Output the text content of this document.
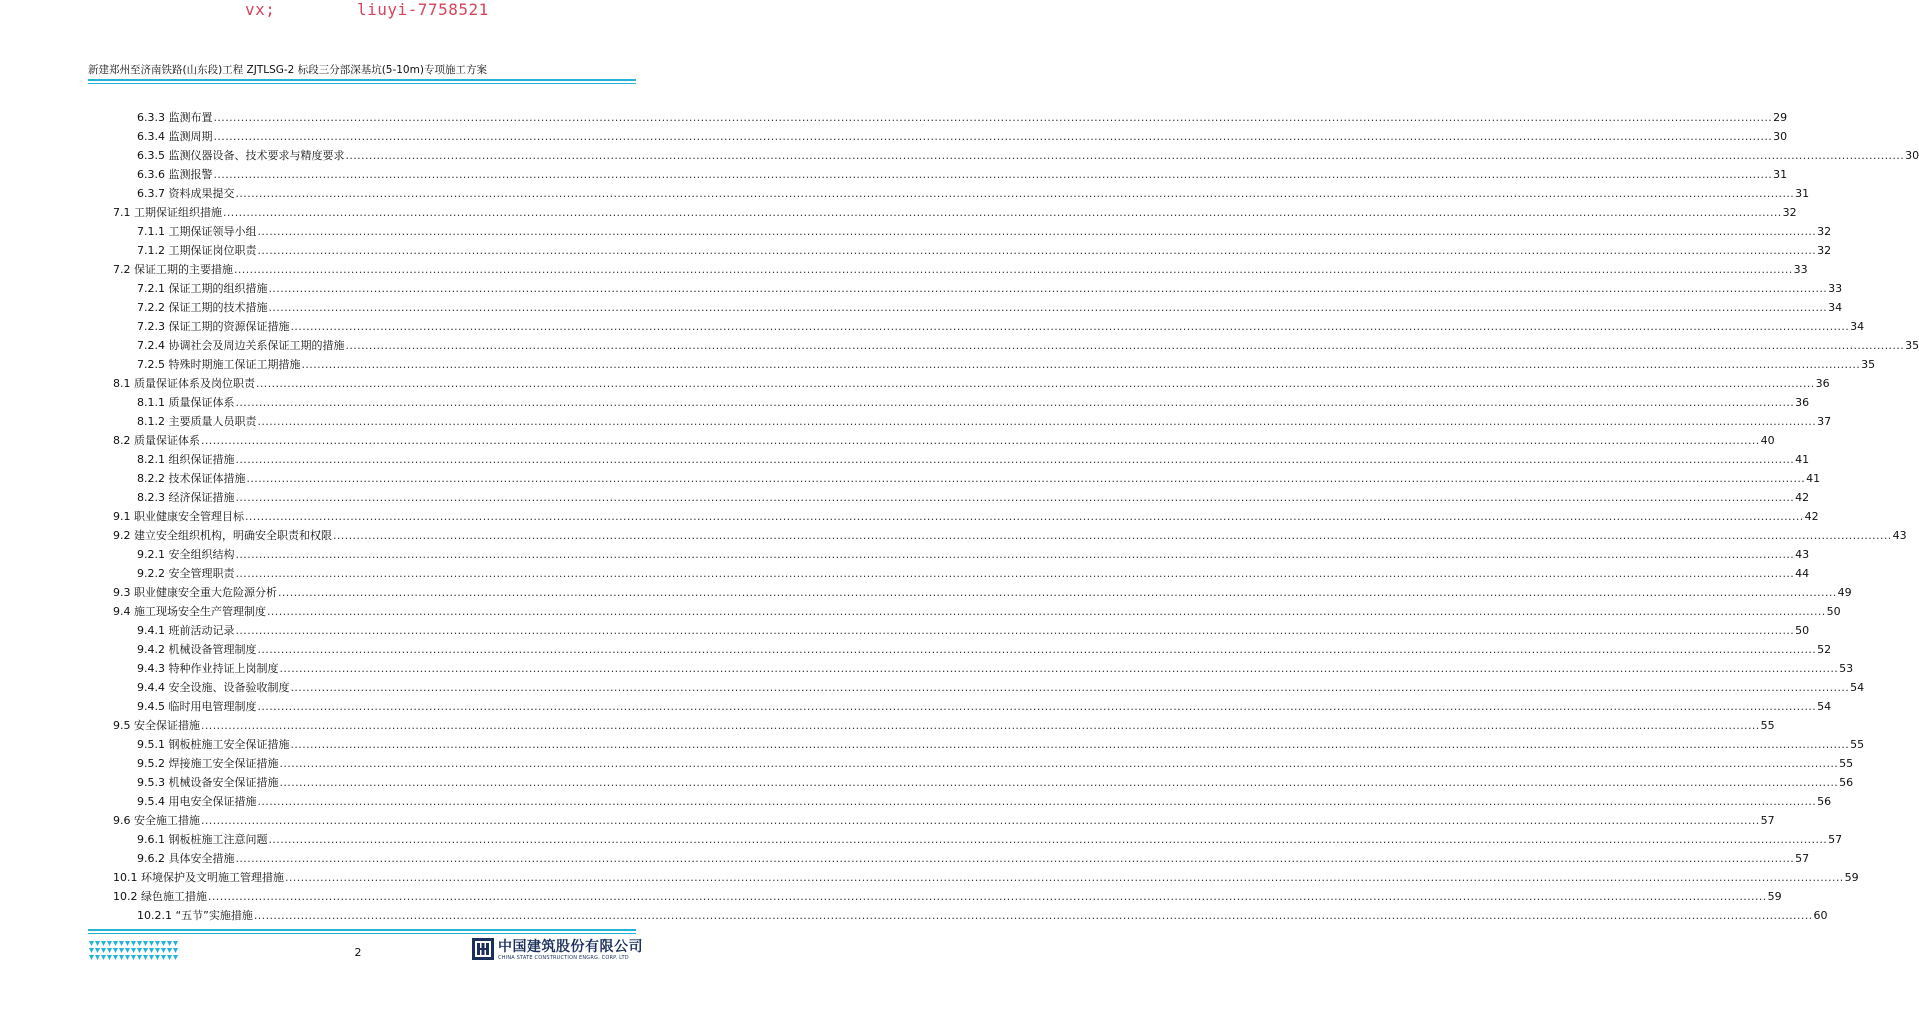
vx;

	liuyi-7758521

新建郑州至济南铁路(山东段)工程 ZJTLSG-2 标段三分部深基坑(5-10m)专项施工方案
6.3.3 监测布置 ................................................................................................................................................................................................................................................................................................................................................................................................................ 29
6.3.4 监测周期 ................................................................................................................................................................................................................................................................................................................................................................................................................ 30
6.3.5 监测仪器设备、技术要求与精度要求 ................................................................................................................................................................................................................................................................................................................................................................................................................ 30
6.3.6 监测报警 ................................................................................................................................................................................................................................................................................................................................................................................................................ 31
6.3.7 资料成果提交 ................................................................................................................................................................................................................................................................................................................................................................................................................ 31
7.1 工期保证组织措施 ................................................................................................................................................................................................................................................................................................................................................................................................................ 32
7.1.1 工期保证领导小组 ................................................................................................................................................................................................................................................................................................................................................................................................................ 32
7.1.2 工期保证岗位职责 ................................................................................................................................................................................................................................................................................................................................................................................................................ 32
7.2 保证工期的主要措施 ................................................................................................................................................................................................................................................................................................................................................................................................................ 33
7.2.1 保证工期的组织措施 ................................................................................................................................................................................................................................................................................................................................................................................................................ 33
7.2.2 保证工期的技术措施 ................................................................................................................................................................................................................................................................................................................................................................................................................ 34
7.2.3 保证工期的资源保证措施 ................................................................................................................................................................................................................................................................................................................................................................................................................ 34
7.2.4 协调社会及周边关系保证工期的措施 ................................................................................................................................................................................................................................................................................................................................................................................................................ 35
7.2.5 特殊时期施工保证工期措施 ................................................................................................................................................................................................................................................................................................................................................................................................................ 35
8.1 质量保证体系及岗位职责 ................................................................................................................................................................................................................................................................................................................................................................................................................ 36
8.1.1 质量保证体系 ................................................................................................................................................................................................................................................................................................................................................................................................................ 36
8.1.2 主要质量人员职责 ................................................................................................................................................................................................................................................................................................................................................................................................................ 37
8.2 质量保证体系 ................................................................................................................................................................................................................................................................................................................................................................................................................ 40
8.2.1 组织保证措施 ................................................................................................................................................................................................................................................................................................................................................................................................................ 41
8.2.2 技术保证体措施 ................................................................................................................................................................................................................................................................................................................................................................................................................ 41
8.2.3 经济保证措施 ................................................................................................................................................................................................................................................................................................................................................................................................................ 42
9.1 职业健康安全管理目标 ................................................................................................................................................................................................................................................................................................................................................................................................................ 42
9.2 建立安全组织机构，明确安全职责和权限 ................................................................................................................................................................................................................................................................................................................................................................................................................ 43
9.2.1 安全组织结构 ................................................................................................................................................................................................................................................................................................................................................................................................................ 43
9.2.2 安全管理职责 ................................................................................................................................................................................................................................................................................................................................................................................................................ 44
9.3 职业健康安全重大危险源分析 ................................................................................................................................................................................................................................................................................................................................................................................................................ 49
9.4 施工现场安全生产管理制度 ................................................................................................................................................................................................................................................................................................................................................................................................................ 50
9.4.1 班前活动记录 ................................................................................................................................................................................................................................................................................................................................................................................................................ 50
9.4.2 机械设备管理制度 ................................................................................................................................................................................................................................................................................................................................................................................................................ 52
9.4.3 特种作业持证上岗制度 ................................................................................................................................................................................................................................................................................................................................................................................................................ 53
9.4.4 安全设施、设备验收制度 ................................................................................................................................................................................................................................................................................................................................................................................................................ 54
9.4.5 临时用电管理制度 ................................................................................................................................................................................................................................................................................................................................................................................................................ 54
9.5 安全保证措施 ................................................................................................................................................................................................................................................................................................................................................................................................................ 55
9.5.1 钢板桩施工安全保证措施 ................................................................................................................................................................................................................................................................................................................................................................................................................ 55
9.5.2 焊接施工安全保证措施 ................................................................................................................................................................................................................................................................................................................................................................................................................ 55
9.5.3 机械设备安全保证措施 ................................................................................................................................................................................................................................................................................................................................................................................................................ 56
9.5.4 用电安全保证措施 ................................................................................................................................................................................................................................................................................................................................................................................................................ 56
9.6 安全施工措施 ................................................................................................................................................................................................................................................................................................................................................................................................................ 57
9.6.1 钢板桩施工注意问题 ................................................................................................................................................................................................................................................................................................................................................................................................................ 57
9.6.2 具体安全措施 ................................................................................................................................................................................................................................................................................................................................................................................................................ 57
10.1 环境保护及文明施工管理措施 ................................................................................................................................................................................................................................................................................................................................................................................................................ 59
10.2 绿色施工措施 ................................................................................................................................................................................................................................................................................................................................................................................................................ 59
10.2.1 “五节”实施措施 ................................................................................................................................................................................................................................................................................................................................................................................................................ 60
2	中国建筑股份有限公司
CHINA STATE CONSTRUCTION ENGRG. CORP. LTD
